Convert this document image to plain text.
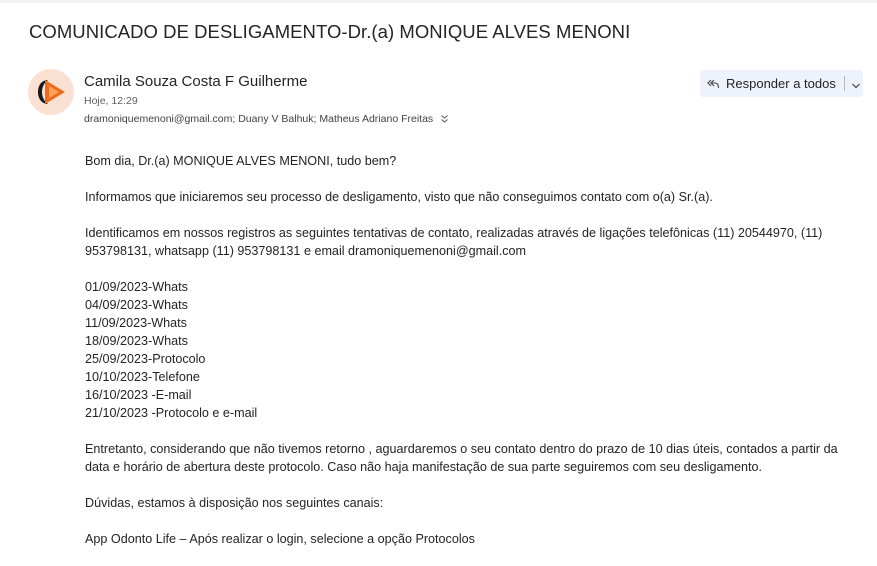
COMUNICADO DE DESLIGAMENTO-Dr.(a) MONIQUE ALVES MENONI
Camila Souza Costa F Guilherme
Hoje, 12:29
dramoniquemenoni@gmail.com; Duany V Balhuk; Matheus Adriano Freitas
Responder a todos

Bom dia, Dr.(a) MONIQUE ALVES MENONI, tudo bem?

Informamos que iniciaremos seu processo de desligamento, visto que não conseguimos contato com o(a) Sr.(a).

Identificamos em nossos registros as seguintes tentativas de contato, realizadas através de ligações telefônicas (11) 20544970, (11) 953798131, whatsapp (11) 953798131 e email dramoniquemenoni@gmail.com

01/09/2023-Whats
04/09/2023-Whats
11/09/2023-Whats
18/09/2023-Whats
25/09/2023-Protocolo
10/10/2023-Telefone
16/10/2023 -E-mail
21/10/2023 -Protocolo e e-mail

Entretanto, considerando que não tivemos retorno , aguardaremos o seu contato dentro do prazo de 10 dias úteis, contados a partir da data e horário de abertura deste protocolo. Caso não haja manifestação de sua parte seguiremos com seu desligamento.

Dúvidas, estamos à disposição nos seguintes canais:

App Odonto Life – Após realizar o login, selecione a opção Protocolos
